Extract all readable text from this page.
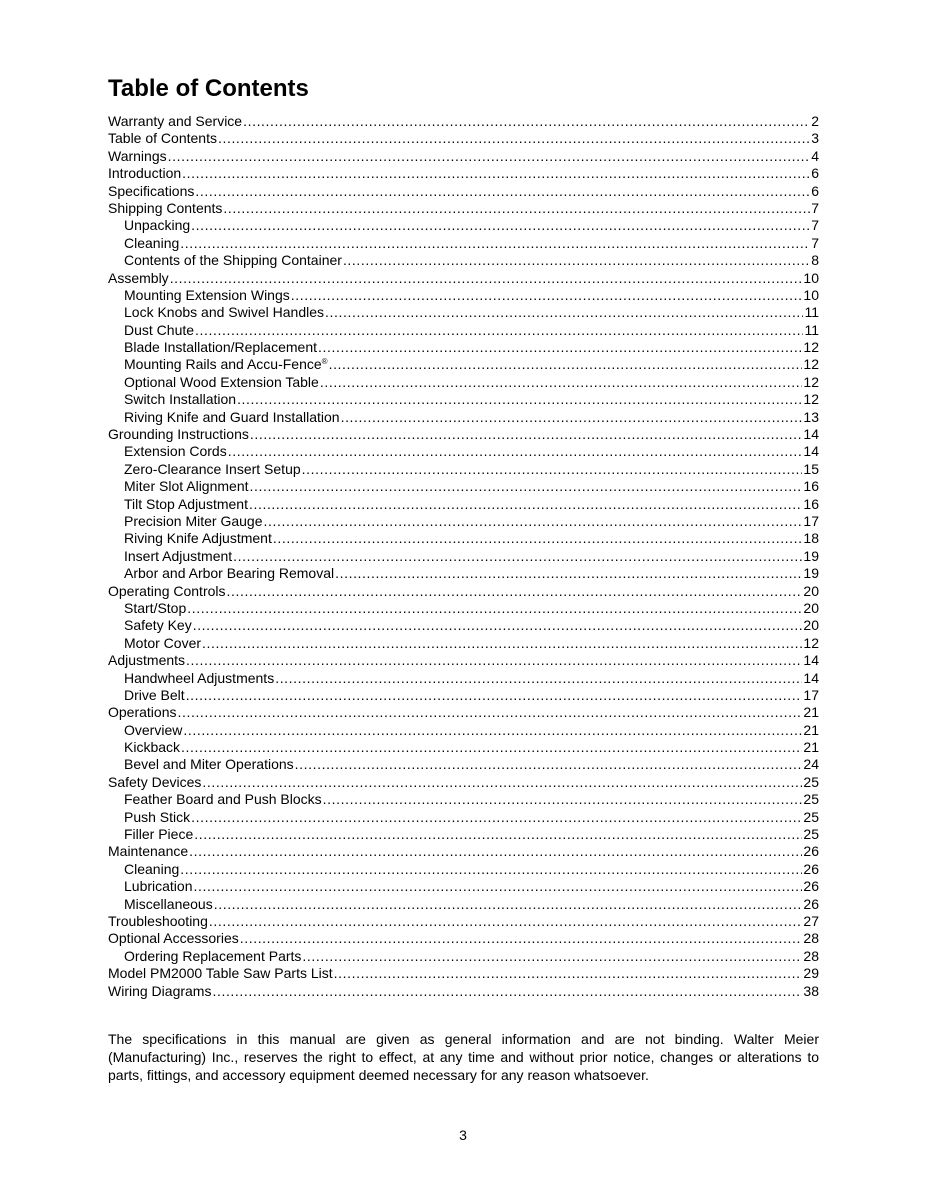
Table of Contents
Warranty and Service .....	2
Table of Contents .....	3
Warnings .....	4
Introduction .....	6
Specifications .....	6
Shipping Contents .....	7
Unpacking .....	7
Cleaning .....	7
Contents of the Shipping Container .....	8
Assembly .....	10
Mounting Extension Wings .....	10
Lock Knobs and Swivel Handles .....	11
Dust Chute .....	11
Blade Installation/Replacement .....	12
Mounting Rails and Accu-Fence® .....	12
Optional Wood Extension Table .....	12
Switch Installation .....	12
Riving Knife and Guard Installation .....	13
Grounding Instructions .....	14
Extension Cords .....	14
Zero-Clearance Insert Setup .....	15
Miter Slot Alignment .....	16
Tilt Stop Adjustment .....	16
Precision Miter Gauge .....	17
Riving Knife Adjustment .....	18
Insert Adjustment .....	19
Arbor and Arbor Bearing Removal .....	19
Operating Controls .....	20
Start/Stop .....	20
Safety Key .....	20
Motor Cover .....	12
Adjustments .....	14
Handwheel Adjustments .....	14
Drive Belt .....	17
Operations .....	21
Overview .....	21
Kickback .....	21
Bevel and Miter Operations .....	24
Safety Devices .....	25
Feather Board and Push Blocks .....	25
Push Stick .....	25
Filler Piece .....	25
Maintenance .....	26
Cleaning .....	26
Lubrication .....	26
Miscellaneous .....	26
Troubleshooting .....	27
Optional Accessories .....	28
Ordering Replacement Parts .....	28
Model PM2000 Table Saw Parts List .....	29
Wiring Diagrams .....	38

The specifications in this manual are given as general information and are not binding. Walter Meier (Manufacturing) Inc., reserves the right to effect, at any time and without prior notice, changes or alterations to parts, fittings, and accessory equipment deemed necessary for any reason whatsoever.

3
